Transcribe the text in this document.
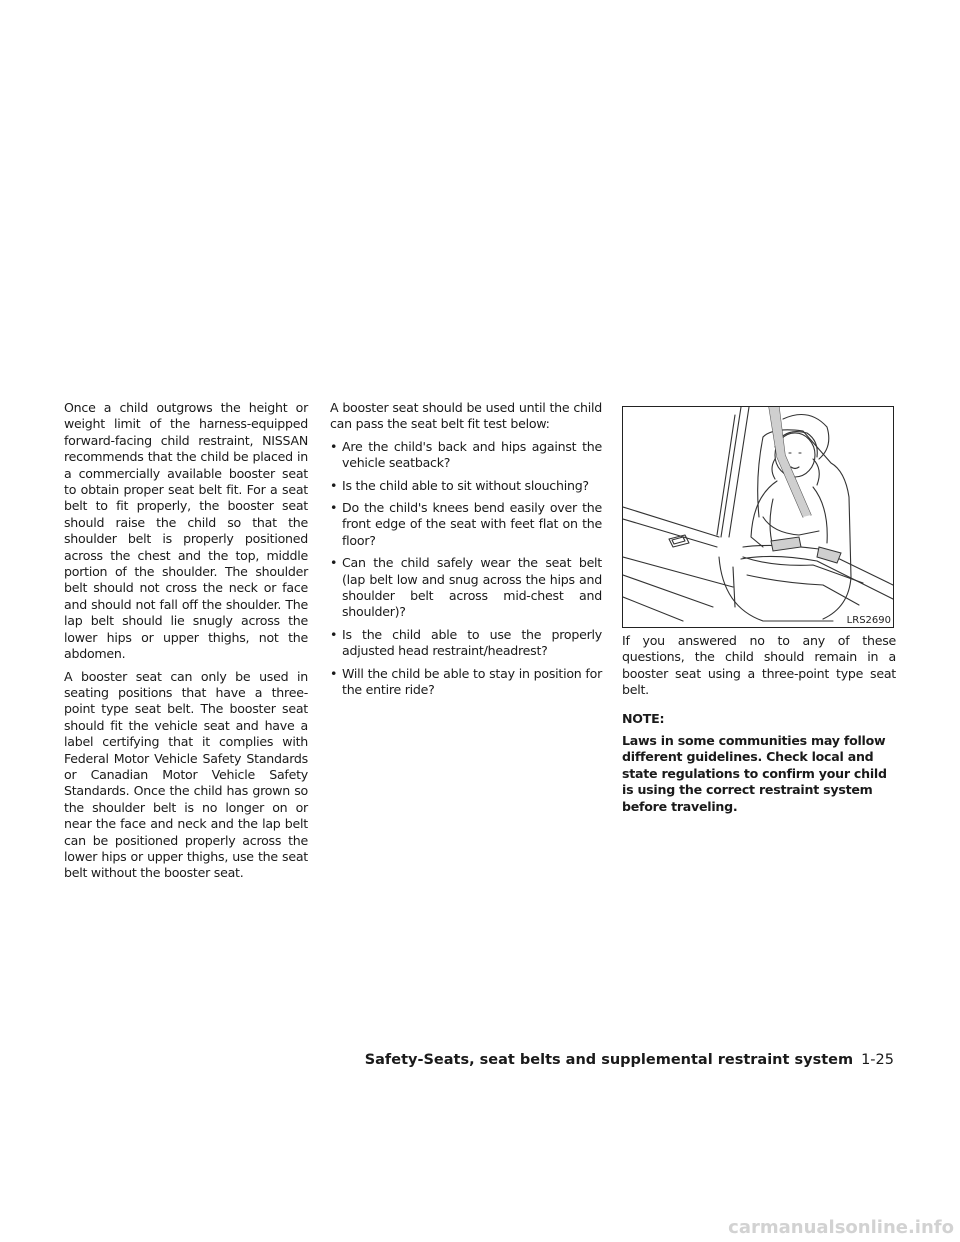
Once a child outgrows the height or weight limit of the harness-equipped forward-facing child restraint, NISSAN recommends that the child be placed in a commercially available booster seat to obtain proper seat belt fit. For a seat belt to fit properly, the booster seat should raise the child so that the shoulder belt is properly positioned across the chest and the top, middle portion of the shoulder. The shoulder belt should not cross the neck or face and should not fall off the shoulder. The lap belt should lie snugly across the lower hips or upper thighs, not the abdomen.

A booster seat can only be used in seating positions that have a three-point type seat belt. The booster seat should fit the vehicle seat and have a label certifying that it complies with Federal Motor Vehicle Safety Standards or Canadian Motor Vehicle Safety Standards. Once the child has grown so the shoulder belt is no longer on or near the face and neck and the lap belt can be positioned properly across the lower hips or upper thighs, use the seat belt without the booster seat.

A booster seat should be used until the child can pass the seat belt fit test below:

• Are the child's back and hips against the vehicle seatback?
• Is the child able to sit without slouching?
• Do the child's knees bend easily over the front edge of the seat with feet flat on the floor?
• Can the child safely wear the seat belt (lap belt low and snug across the hips and shoulder belt across mid-chest and shoulder)?
• Is the child able to use the properly adjusted head restraint/headrest?
• Will the child be able to stay in position for the entire ride?
LRS2690

If you answered no to any of these questions, the child should remain in a booster seat using a three-point type seat belt.

NOTE:

Laws in some communities may follow different guidelines. Check local and state regulations to confirm your child is using the correct restraint system before traveling.

Safety-Seats, seat belts and supplemental restraint system 1-25
carmanualsonline.info
